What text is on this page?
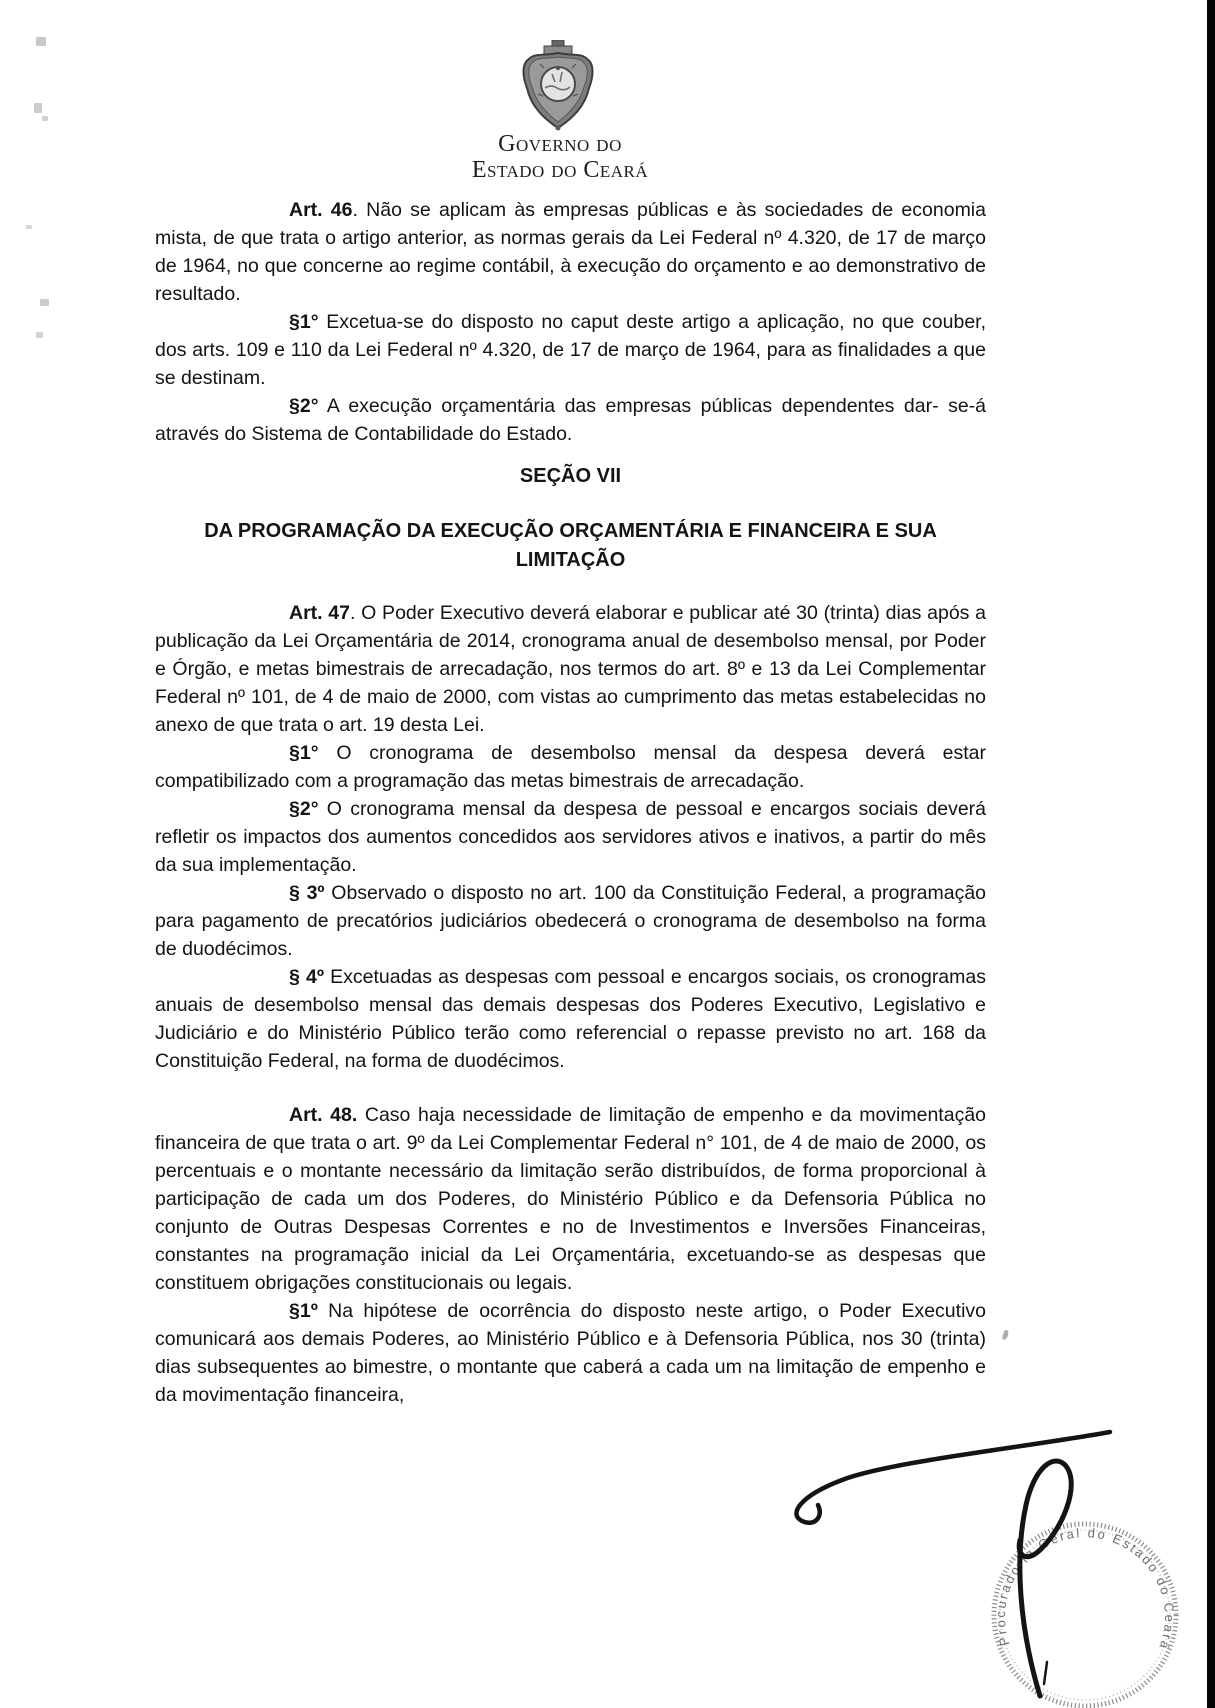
Governo do
Estado do Ceará

Art. 46. Não se aplicam às empresas públicas e às sociedades de economia mista, de que trata o artigo anterior, as normas gerais da Lei Federal nº 4.320, de 17 de março de 1964, no que concerne ao regime contábil, à execução do orçamento e ao demonstrativo de resultado.

§1° Excetua-se do disposto no caput deste artigo a aplicação, no que couber, dos arts. 109 e 110 da Lei Federal nº 4.320, de 17 de março de 1964, para as finalidades a que se destinam.

§2° A execução orçamentária das empresas públicas dependentes dar- se-á através do Sistema de Contabilidade do Estado.

SEÇÃO VII

DA PROGRAMAÇÃO DA EXECUÇÃO ORÇAMENTÁRIA E FINANCEIRA E SUA LIMITAÇÃO

Art. 47. O Poder Executivo deverá elaborar e publicar até 30 (trinta) dias após a publicação da Lei Orçamentária de 2014, cronograma anual de desembolso mensal, por Poder e Órgão, e metas bimestrais de arrecadação, nos termos do art. 8º e 13 da Lei Complementar Federal nº 101, de 4 de maio de 2000, com vistas ao cumprimento das metas estabelecidas no anexo de que trata o art. 19 desta Lei.

§1° O cronograma de desembolso mensal da despesa deverá estar compatibilizado com a programação das metas bimestrais de arrecadação.

§2° O cronograma mensal da despesa de pessoal e encargos sociais deverá refletir os impactos dos aumentos concedidos aos servidores ativos e inativos, a partir do mês da sua implementação.

§ 3º Observado o disposto no art. 100 da Constituição Federal, a programação para pagamento de precatórios judiciários obedecerá o cronograma de desembolso na forma de duodécimos.

§ 4º Excetuadas as despesas com pessoal e encargos sociais, os cronogramas anuais de desembolso mensal das demais despesas dos Poderes Executivo, Legislativo e Judiciário e do Ministério Público terão como referencial o repasse previsto no art. 168 da Constituição Federal, na forma de duodécimos.

Art. 48. Caso haja necessidade de limitação de empenho e da movimentação financeira de que trata o art. 9º da Lei Complementar Federal n° 101, de 4 de maio de 2000, os percentuais e o montante necessário da limitação serão distribuídos, de forma proporcional à participação de cada um dos Poderes, do Ministério Público e da Defensoria Pública no conjunto de Outras Despesas Correntes e no de Investimentos e Inversões Financeiras, constantes na programação inicial da Lei Orçamentária, excetuando-se as despesas que constituem obrigações constitucionais ou legais.

§1º Na hipótese de ocorrência do disposto neste artigo, o Poder Executivo comunicará aos demais Poderes, ao Ministério Público e à Defensoria Pública, nos 30 (trinta) dias subsequentes ao bimestre, o montante que caberá a cada um na limitação de empenho e da movimentação financeira,

Procuradoria Geral do Estado do Ceará
